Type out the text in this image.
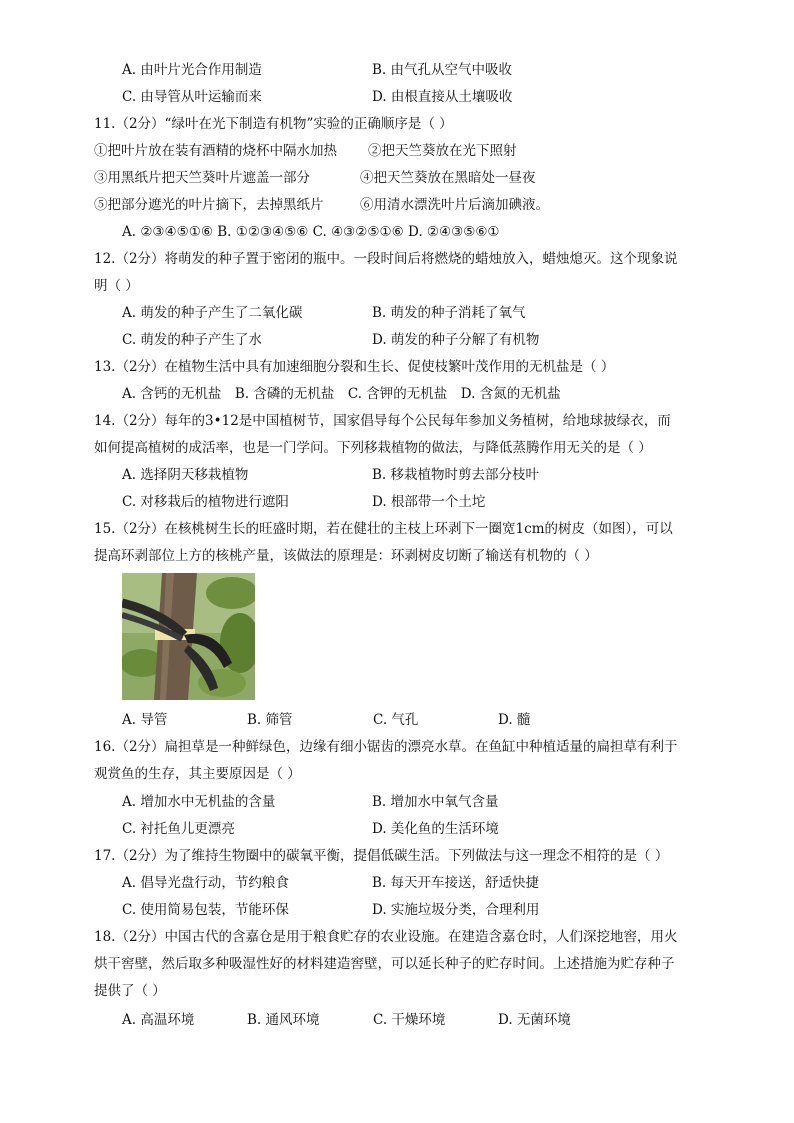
A. 由叶片光合作用制造	B. 由气孔从空气中吸收
C. 由导管从叶运输而来	D. 由根直接从土壤吸收
11.（2分）“绿叶在光下制造有机物”实验的正确顺序是（ ）
①把叶片放在装有酒精的烧杯中隔水加热 ②把天竺葵放在光下照射
③用黑纸片把天竺葵叶片遮盖一部分	④把天竺葵放在黑暗处一昼夜
⑤把部分遮光的叶片摘下，去掉黑纸片	⑥用清水漂洗叶片后滴加碘液。
A. ②③④⑤①⑥ B. ①②③④⑤⑥ C. ④③②⑤①⑥ D. ②④③⑤⑥①
12.（2分）将萌发的种子置于密闭的瓶中。一段时间后将燃烧的蜡烛放入，蜡烛熄灭。这个现象说
明（ ）
A. 萌发的种子产生了二氧化碳	B. 萌发的种子消耗了氧气
C. 萌发的种子产生了水	D. 萌发的种子分解了有机物
13.（2分）在植物生活中具有加速细胞分裂和生长、促使枝繁叶茂作用的无机盐是（ ）
A. 含钙的无机盐　B. 含磷的无机盐　C. 含钾的无机盐　D. 含氮的无机盐
14.（2分）每年的3•12是中国植树节，国家倡导每个公民每年参加义务植树，给地球披绿衣，而
如何提高植树的成活率，也是一门学问。下列移栽植物的做法，与降低蒸腾作用无关的是（ ）
A. 选择阴天移栽植物	B. 移栽植物时剪去部分枝叶
C. 对移栽后的植物进行遮阳	D. 根部带一个土坨
15.（2分）在核桃树生长的旺盛时期，若在健壮的主枝上环剥下一圈宽1cm的树皮（如图），可以
提高环剥部位上方的核桃产量，该做法的原理是：环剥树皮切断了输送有机物的（ ）
A. 导管	B. 筛管	C. 气孔	D. 髓
16.（2分）扁担草是一种鲜绿色，边缘有细小锯齿的漂亮水草。在鱼缸中种植适量的扁担草有利于
观赏鱼的生存，其主要原因是（ ）
A. 增加水中无机盐的含量	B. 增加水中氧气含量
C. 衬托鱼儿更漂亮	D. 美化鱼的生活环境
17.（2分）为了维持生物圈中的碳氧平衡，提倡低碳生活。下列做法与这一理念不相符的是（ ）
A. 倡导光盘行动，节约粮食	B. 每天开车接送，舒适快捷
C. 使用简易包装，节能环保	D. 实施垃圾分类，合理利用
18.（2分）中国古代的含嘉仓是用于粮食贮存的农业设施。在建造含嘉仓时，人们深挖地窖，用火
烘干窖壁，然后取多种吸湿性好的材料建造窖壁，可以延长种子的贮存时间。上述措施为贮存种子
提供了（ ）
A. 高温环境	B. 通风环境	C. 干燥环境	D. 无菌环境
